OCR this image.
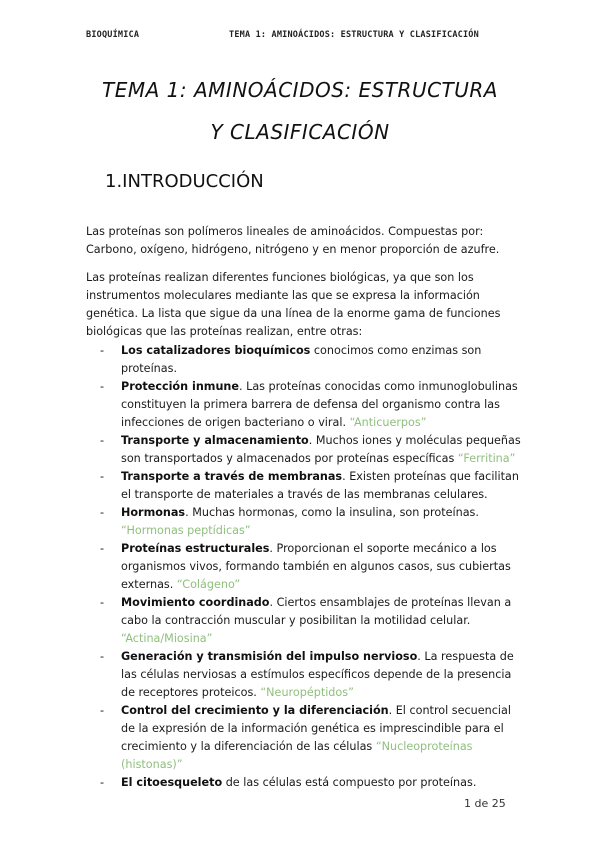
BIOQUÍMICA	TEMA 1: AMINOÁCIDOS: ESTRUCTURA Y CLASIFICACIÓN
TEMA 1: AMINOÁCIDOS: ESTRUCTURA
Y CLASIFICACIÓN
1.INTRODUCCIÓN

Las proteínas son polímeros lineales de aminoácidos. Compuestas por: Carbono, oxígeno, hidrógeno, nitrógeno y en menor proporción de azufre.

Las proteínas realizan diferentes funciones biológicas, ya que son los instrumentos moleculares mediante las que se expresa la información genética. La lista que sigue da una línea de la enorme gama de funciones biológicas que las proteínas realizan, entre otras:

- Los catalizadores bioquímicos conocimos como enzimas son proteínas.
- Protección inmune. Las proteínas conocidas como inmunoglobulinas constituyen la primera barrera de defensa del organismo contra las infecciones de origen bacteriano o viral. “Anticuerpos”
- Transporte y almacenamiento. Muchos iones y moléculas pequeñas son transportados y almacenados por proteínas específicas “Ferritina”
- Transporte a través de membranas. Existen proteínas que facilitan el transporte de materiales a través de las membranas celulares.
- Hormonas. Muchas hormonas, como la insulina, son proteínas. “Hormonas peptídicas”
- Proteínas estructurales. Proporcionan el soporte mecánico a los organismos vivos, formando también en algunos casos, sus cubiertas externas. “Colágeno”
- Movimiento coordinado. Ciertos ensamblajes de proteínas llevan a cabo la contracción muscular y posibilitan la motilidad celular. “Actina/Miosina”
- Generación y transmisión del impulso nervioso. La respuesta de las células nerviosas a estímulos específicos depende de la presencia de receptores proteicos. “Neuropéptidos”
- Control del crecimiento y la diferenciación. El control secuencial de la expresión de la información genética es imprescindible para el crecimiento y la diferenciación de las células “Nucleoproteínas (histonas)”
- El citoesqueleto de las células está compuesto por proteínas.
1 de 25
